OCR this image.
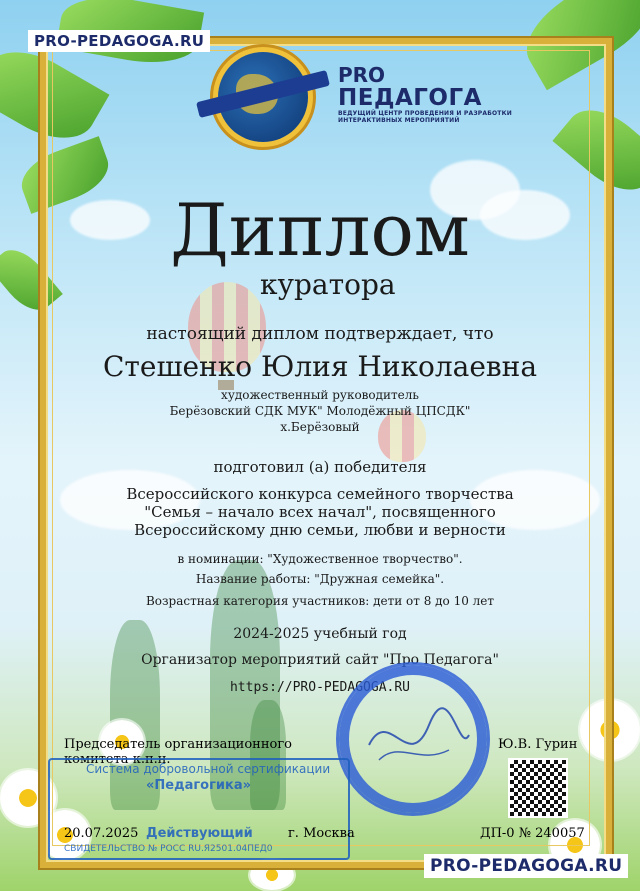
PRO-PEDAGOGA.RU
PRO-PEDAGOGA.RU
PRO
ПЕДАГОГА
ВЕДУЩИЙ ЦЕНТР ПРОВЕДЕНИЯ И РАЗРАБОТКИ
ИНТЕРАКТИВНЫХ МЕРОПРИЯТИЙ
Диплом
куратора
настоящий диплом подтверждает, что
Стешенко Юлия Николаевна
художественный руководитель
Берёзовский СДК МУК" Молодёжный ЦПСДК"
х.Берёзовый
подготовил (а) победителя
Всероссийского конкурса семейного творчества
"Семья – начало всех начал", посвященного
Всероссийскому дню семьи, любви и верности
в номинации: "Художественное творчество".
Название работы: "Дружная семейка".
Возрастная категория участников: дети от 8 до 10 лет
2024-2025 учебный год
Организатор мероприятий сайт "Про Педагога"
https://PRO-PEDAGOGA.RU
Председатель организационного
комитета к.п.н.
Ю.В. Гурин
Система добровольной сертификации
«Педагогика»
Действующий
СВИДЕТЕЛЬСТВО № РОСС RU.Я2501.04ПЕД0
20.07.2025	г. Москва	ДП-0 № 240057
